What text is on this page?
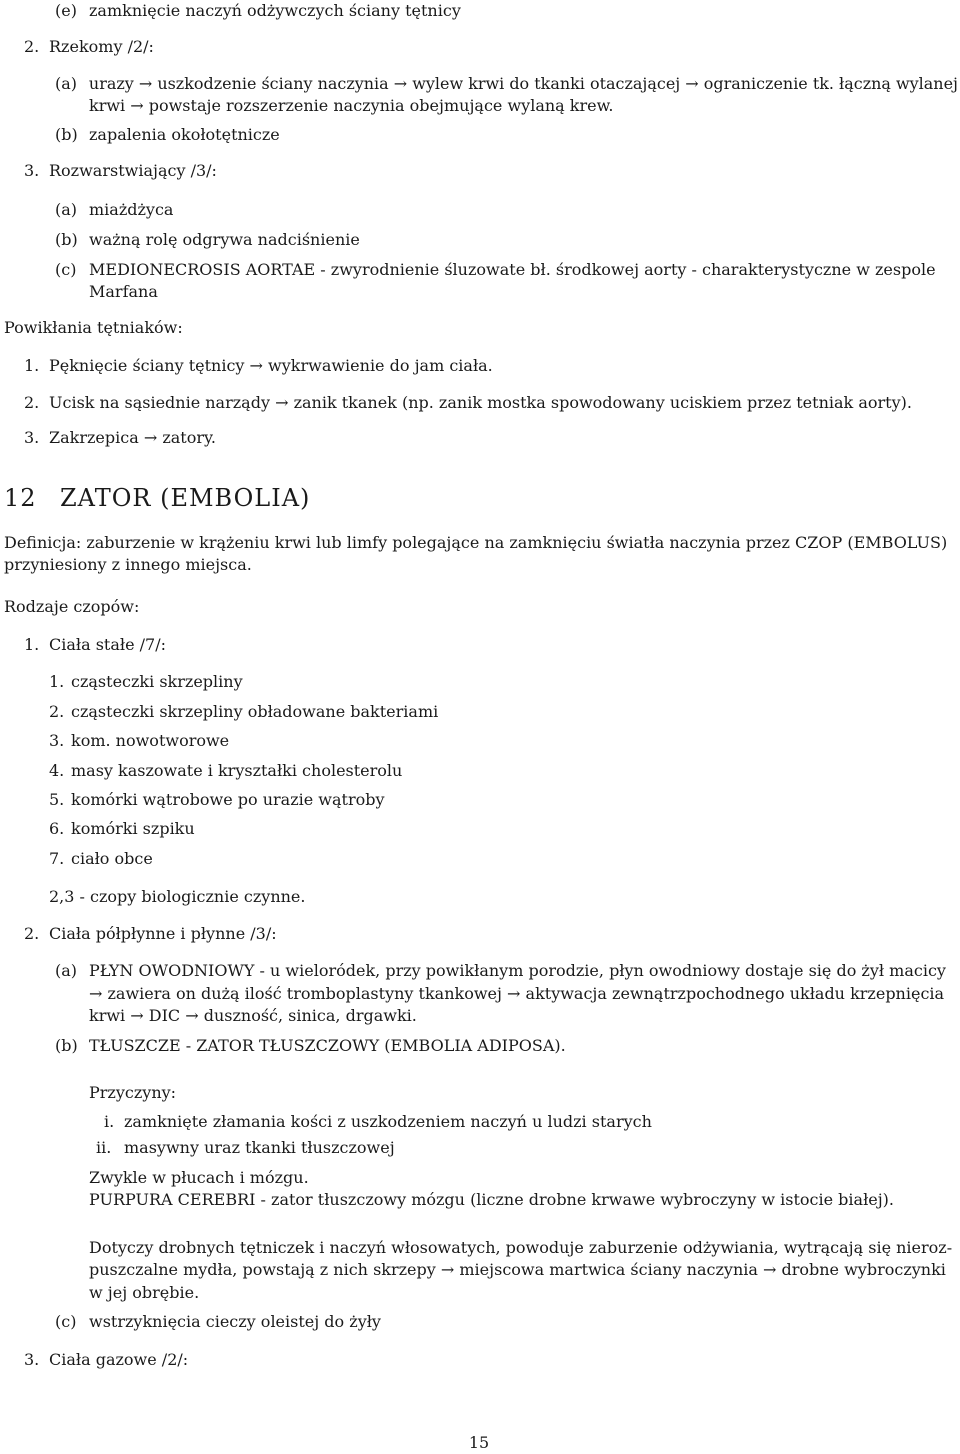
(e) zamknięcie naczyń odżywczych ściany tętnicy
2. Rzekomy /2/:
(a) urazy → uszkodzenie ściany naczynia → wylew krwi do tkanki otaczającej → ograniczenie tk. łączną wylanej
krwi → powstaje rozszerzenie naczynia obejmujące wylaną krew.
(b) zapalenia okołotętnicze
3. Rozwarstwiający /3/:
(a) miażdżyca
(b) ważną rolę odgrywa nadciśnienie
(c) MEDIONECROSIS AORTAE - zwyrodnienie śluzowate bł. środkowej aorty - charakterystyczne w zespole
Marfana
Powikłania tętniaków:
1. Pęknięcie ściany tętnicy → wykrwawienie do jam ciała.
2. Ucisk na sąsiednie narządy → zanik tkanek (np. zanik mostka spowodowany uciskiem przez tetniak aorty).
3. Zakrzepica → zatory.
12 ZATOR (EMBOLIA)
Definicja: zaburzenie w krążeniu krwi lub limfy polegające na zamknięciu światła naczynia przez CZOP (EMBOLUS)
przyniesiony z innego miejsca.
Rodzaje czopów:
1. Ciała stałe /7/:
1. cząsteczki skrzepliny
2. cząsteczki skrzepliny obładowane bakteriami
3. kom. nowotworowe
4. masy kaszowate i kryształki cholesterolu
5. komórki wątrobowe po urazie wątroby
6. komórki szpiku
7. ciało obce
2,3 - czopy biologicznie czynne.
2. Ciała półpłynne i płynne /3/:
(a) PŁYN OWODNIOWY - u wieloródek, przy powikłanym porodzie, płyn owodniowy dostaje się do żył macicy
→ zawiera on dużą ilość tromboplastyny tkankowej → aktywacja zewnątrzpochodnego układu krzepnięcia
krwi → DIC → duszność, sinica, drgawki.
(b) TŁUSZCZE - ZATOR TŁUSZCZOWY (EMBOLIA ADIPOSA).
Przyczyny:
i. zamknięte złamania kości z uszkodzeniem naczyń u ludzi starych
ii. masywny uraz tkanki tłuszczowej
Zwykle w płucach i mózgu.
PURPURA CEREBRI - zator tłuszczowy mózgu (liczne drobne krwawe wybroczyny w istocie białej).
Dotyczy drobnych tętniczek i naczyń włosowatych, powoduje zaburzenie odżywiania, wytrącają się nieroz-
puszczalne mydła, powstają z nich skrzepy → miejscowa martwica ściany naczynia → drobne wybroczynki
w jej obrębie.
(c) wstrzyknięcia cieczy oleistej do żyły
3. Ciała gazowe /2/:
15
